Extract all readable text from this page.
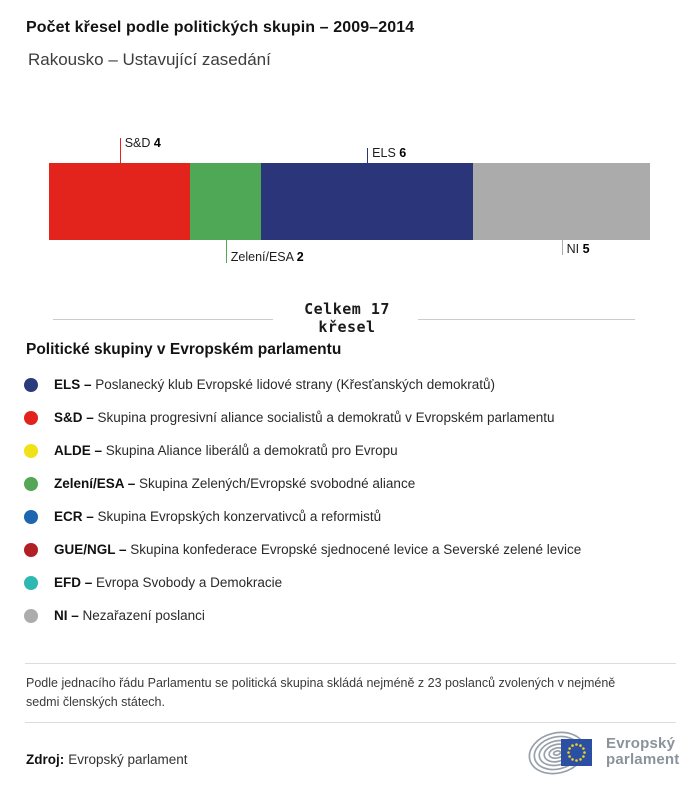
Počet křesel podle politických skupin – 2009–2014
Rakousko – Ustavující zasedání
S&D 4
Zelení/ESA 2
ELS 6
NI 5
Celkem 17
křesel
Politické skupiny v Evropském parlamentu
ELS – Poslanecký klub Evropské lidové strany (Křesťanských demokratů)
S&D – Skupina progresivní aliance socialistů a demokratů v Evropském parlamentu
ALDE – Skupina Aliance liberálů a demokratů pro Evropu
Zelení/ESA – Skupina Zelených/Evropské svobodné aliance
ECR – Skupina Evropských konzervativců a reformistů
GUE/NGL – Skupina konfederace Evropské sjednocené levice a Severské zelené levice
EFD – Evropa Svobody a Demokracie
NI – Nezařazení poslanci

Podle jednacího řádu Parlamentu se politická skupina skládá nejméně z 23 poslanců zvolených v nejméně sedmi členských státech.

Zdroj: Evropský parlament

Evropský
parlament
